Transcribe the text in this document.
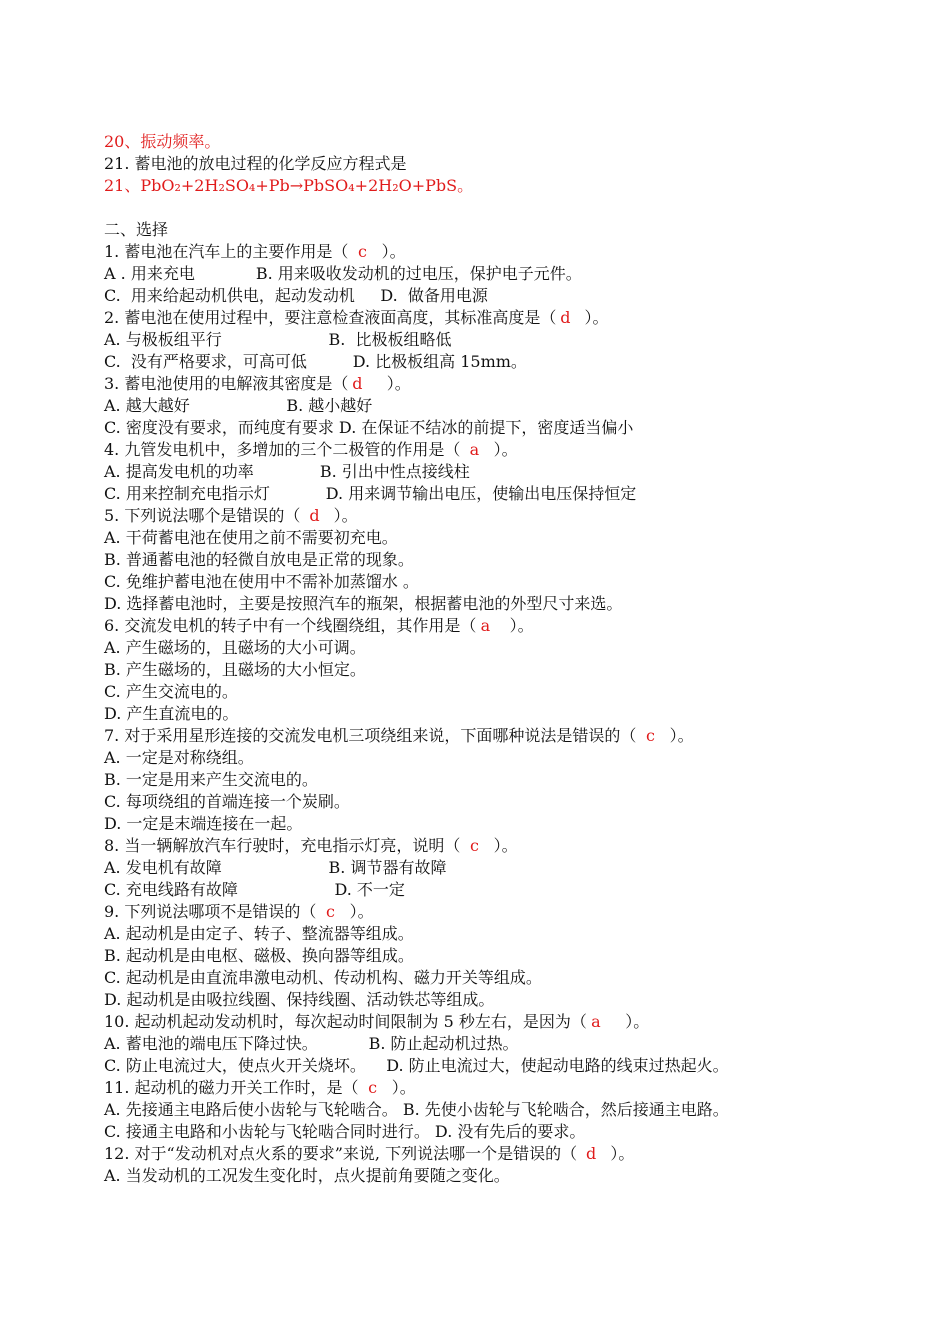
20、振动频率。
21. 蓄电池的放电过程的化学反应方程式是
21、PbO₂+2H₂SO₄+Pb→PbSO₄+2H₂O+PbS。
二、选择
1. 蓄电池在汽车上的主要作用是（ c  ）。
A . 用来充电            B. 用来吸收发动机的过电压，保护电子元件。
C.  用来给起动机供电，起动发动机     D.  做备用电源
2. 蓄电池在使用过程中，要注意检查液面高度，其标准高度是（ d  ）。
A. 与极板组平行                     B.  比极板组略低
C.  没有严格要求，可高可低         D. 比极板组高 15mm。
3. 蓄电池使用的电解液其密度是（ d    ）。
A. 越大越好                   B. 越小越好
C. 密度没有要求，而纯度有要求 D. 在保证不结冰的前提下，密度适当偏小
4. 九管发电机中，多增加的三个二极管的作用是（ a  ）。
A. 提高发电机的功率             B. 引出中性点接线柱
C. 用来控制充电指示灯           D. 用来调节输出电压，使输出电压保持恒定
5. 下列说法哪个是错误的（ d  ）。
A. 干荷蓄电池在使用之前不需要初充电。
B. 普通蓄电池的轻微自放电是正常的现象。
C. 免维护蓄电池在使用中不需补加蒸馏水 。
D. 选择蓄电池时，主要是按照汽车的瓶架，根据蓄电池的外型尺寸来选。
6. 交流发电机的转子中有一个线圈绕组，其作用是（ a   ）。
A. 产生磁场的，且磁场的大小可调。
B. 产生磁场的，且磁场的大小恒定。
C. 产生交流电的。
D. 产生直流电的。
7. 对于采用星形连接的交流发电机三项绕组来说，下面哪种说法是错误的（ c  ）。
A. 一定是对称绕组。
B. 一定是用来产生交流电的。
C. 每项绕组的首端连接一个炭刷。
D. 一定是末端连接在一起。
8. 当一辆解放汽车行驶时，充电指示灯亮，说明（ c  ）。
A. 发电机有故障                     B. 调节器有故障
C. 充电线路有故障                   D. 不一定
9. 下列说法哪项不是错误的（ c  ）。
A. 起动机是由定子、转子、整流器等组成。
B. 起动机是由电枢、磁极、换向器等组成。
C. 起动机是由直流串激电动机、传动机构、磁力开关等组成。
D. 起动机是由吸拉线圈、保持线圈、活动铁芯等组成。
10. 起动机起动发动机时，每次起动时间限制为 5 秒左右，是因为（ a    ）。
A. 蓄电池的端电压下降过快。          B. 防止起动机过热。
C. 防止电流过大，使点火开关烧坏。    D. 防止电流过大，使起动电路的线束过热起火。
11. 起动机的磁力开关工作时，是（ c  ）。
A. 先接通主电路后使小齿轮与飞轮啮合。 B. 先使小齿轮与飞轮啮合，然后接通主电路。
C. 接通主电路和小齿轮与飞轮啮合同时进行。 D. 没有先后的要求。
12. 对于“发动机对点火系的要求”来说, 下列说法哪一个是错误的（ d  ）。
A. 当发动机的工况发生变化时，点火提前角要随之变化。
